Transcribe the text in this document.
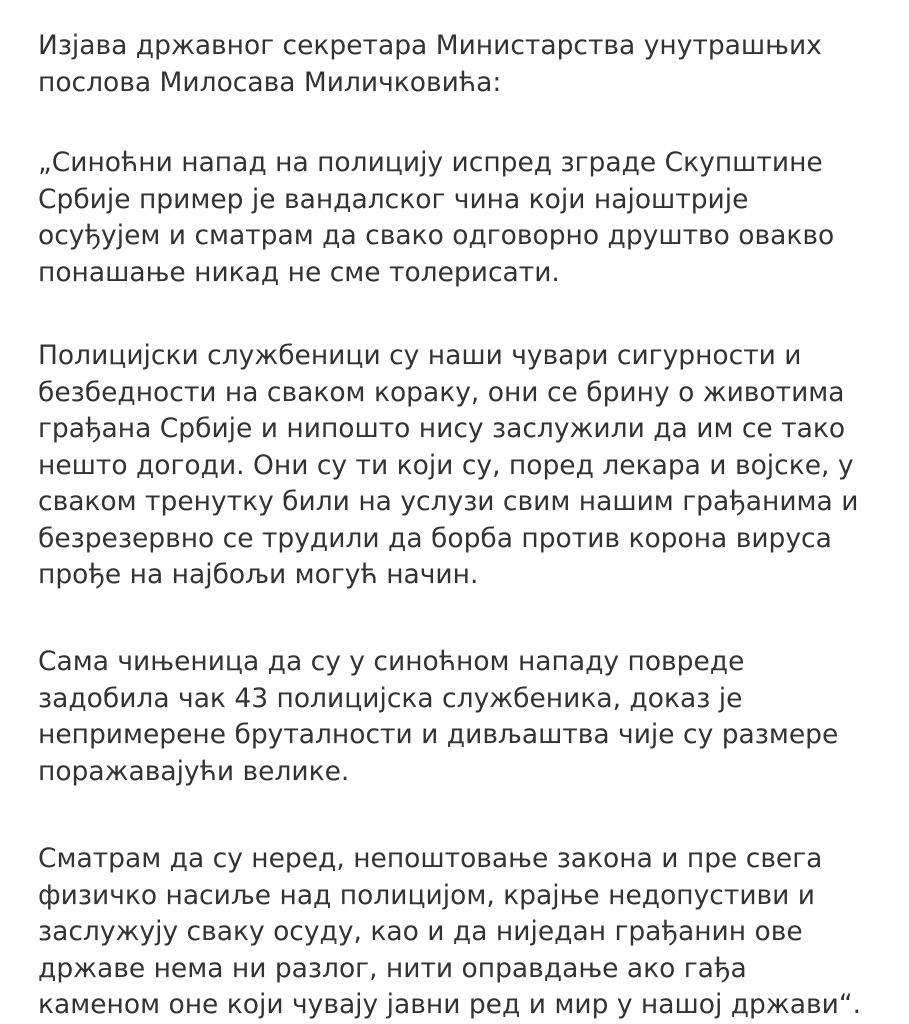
Изјава државног секретара Министарства унутрашњих
послова Милосава Миличковића:

„Синоћни напад на полицију испред зграде Скупштине
Србије пример је вандалског чина који најоштрије
осуђујем и сматрам да свако одговорно друштво овакво
понашање никад не сме толерисати.

Полицијски службеници су наши чувари сигурности и
безбедности на сваком кораку, они се брину о животима
грађана Србије и нипошто нису заслужили да им се тако
нешто догоди. Они су ти који су, поред лекара и војске, у
сваком тренутку били на услузи свим нашим грађанима и
безрезервно се трудили да борба против корона вируса
прође на најбољи могућ начин.

Сама чињеница да су у синоћном нападу повреде
задобила чак 43 полицијска службеника, доказ је
непримерене бруталности и дивљаштва чије су размере
поражавајући велике.

Сматрам да су неред, непоштовање закона и пре свега
физичко насиље над полицијом, крајње недопустиви и
заслужују сваку осуду, као и да ниједан грађанин ове
државе нема ни разлог, нити оправдање ако гађа
каменом оне који чувају јавни ред и мир у нашој држави“.
